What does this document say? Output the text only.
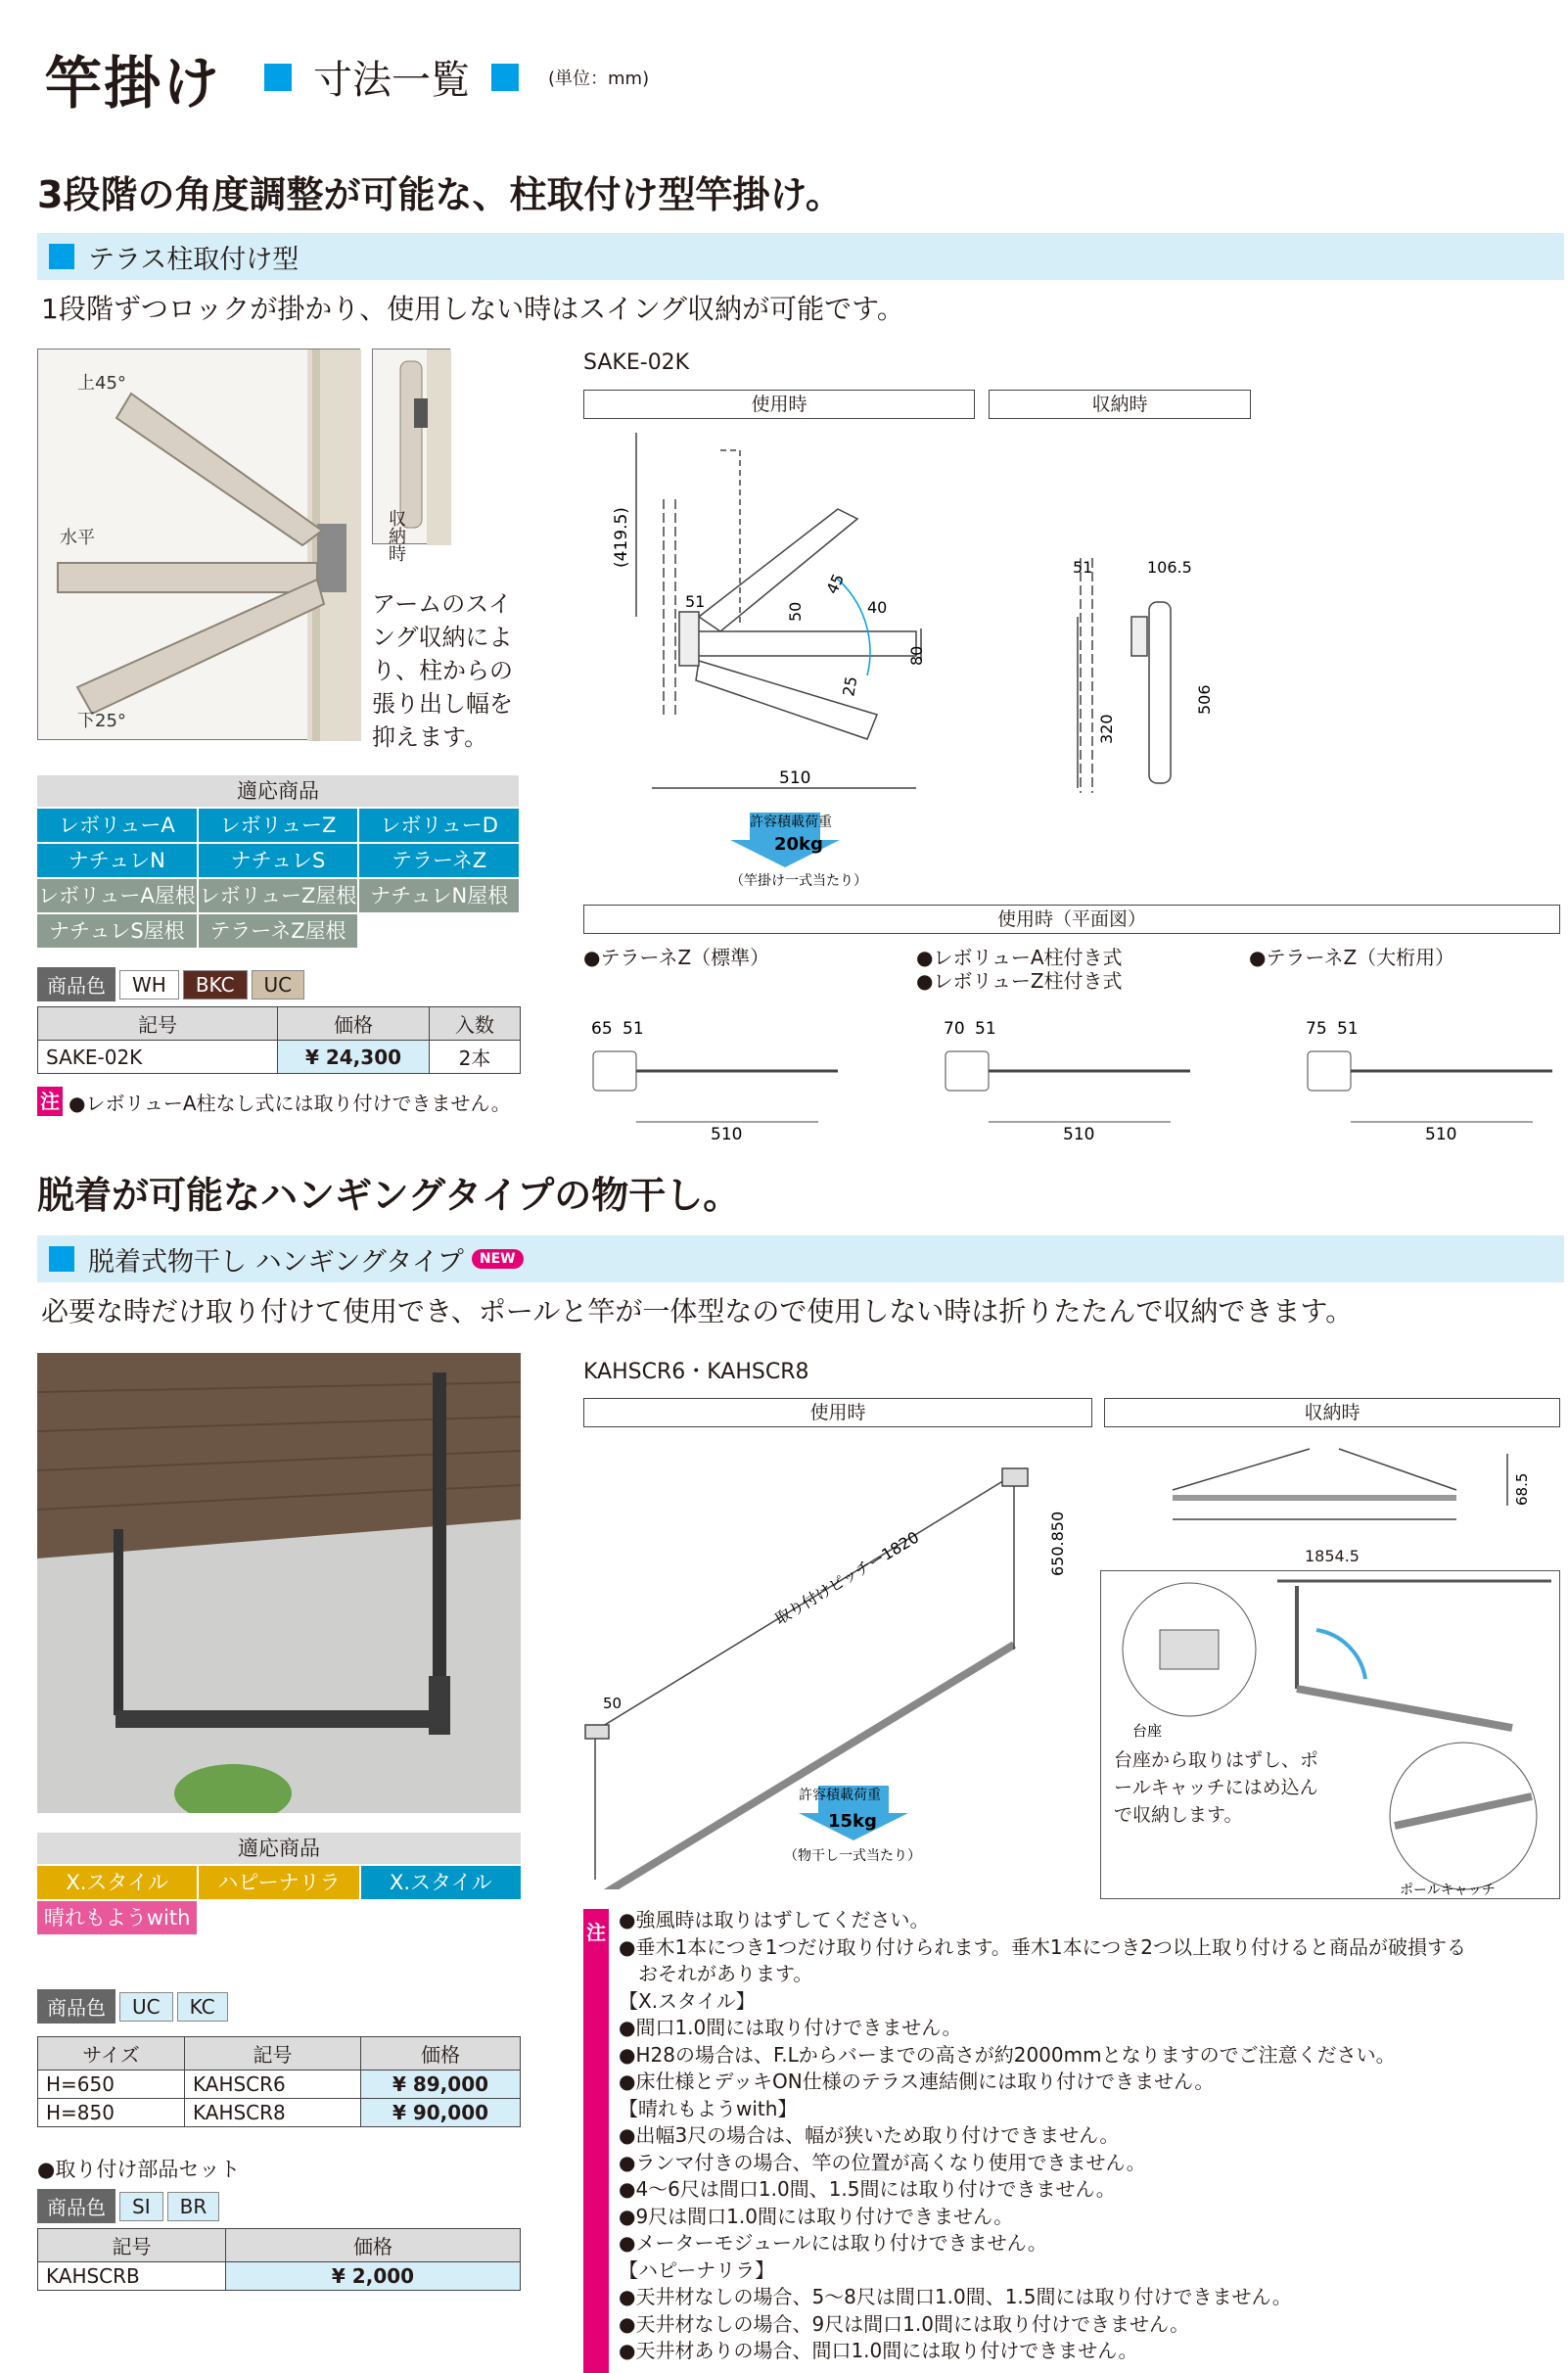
竿掛け 寸法一覧	(単位：mm)
3段階の角度調整が可能な、柱取付け型竿掛け。
テラス柱取付け型
1段階ずつロックが掛かり、使用しない時はスイング収納が可能です。
上45°
水平
下25°
収納時
アームのスイング収納により、柱からの張り出し幅を抑えます。
適応商品
レボリューA	レボリューZ	レボリューD
ナチュレN	ナチュレS	テラーネZ
レボリューA屋根 レボリューZ屋根 ナチュレN屋根
ナチュレS屋根	テラーネZ屋根
商品色	WH	BKC	UC
記号	価格	入数
SAKE-02K	¥ 24,300	2本
注 ●レボリューA柱なし式には取り付けできません。
SAKE-02K
使用時	収納時
(419.5)
51
50
45
40
80
25
510
51	106.5
506
320
許容積載荷重
20kg
（竿掛け一式当たり）
使用時（平面図）
●テラーネZ（標準）
65 51
510
●レボリューA柱付き式
●レボリューZ柱付き式
70 51
510
●テラーネZ（大桁用）
75 51
510
脱着が可能なハンギングタイプの物干し。
脱着式物干し ハンギングタイプ	NEW
必要な時だけ取り付けて使用でき、ポールと竿が一体型なので使用しない時は折りたたんで収納できます。
適応商品
X.スタイル	ハピーナリラ	X.スタイル
晴れもようwith
商品色	UC	KC
サイズ	記号	価格
H=650	KAHSCR6	¥ 89,000
H=850	KAHSCR8	¥ 90,000
●取り付け部品セット
商品色	SI	BR
記号	価格
KAHSCRB	¥ 2,000
KAHSCR6・KAHSCR8
使用時	収納時
取り付けピッチー1820	650.850
50
許容積載荷重
15kg
（物干し一式当たり）
68.5
1854.5
台座
ポールキャッチ
台座から取りはずし、ポールキャッチにはめ込んで収納します。
注
●強風時は取りはずしてください。
●垂木1本につき1つだけ取り付けられます。垂木1本につき2つ以上取り付けると商品が破損する
　おそれがあります。
【X.スタイル】
●間口1.0間には取り付けできません。
●H28の場合は、F.Lからバーまでの高さが約2000mmとなりますのでご注意ください。
●床仕様とデッキON仕様のテラス連結側には取り付けできません。
【晴れもようwith】
●出幅3尺の場合は、幅が狭いため取り付けできません。
●ランマ付きの場合、竿の位置が高くなり使用できません。
●4～6尺は間口1.0間、1.5間には取り付けできません。
●9尺は間口1.0間には取り付けできません。
●メーターモジュールには取り付けできません。
【ハピーナリラ】
●天井材なしの場合、5～8尺は間口1.0間、1.5間には取り付けできません。
●天井材なしの場合、9尺は間口1.0間には取り付けできません。
●天井材ありの場合、間口1.0間には取り付けできません。
